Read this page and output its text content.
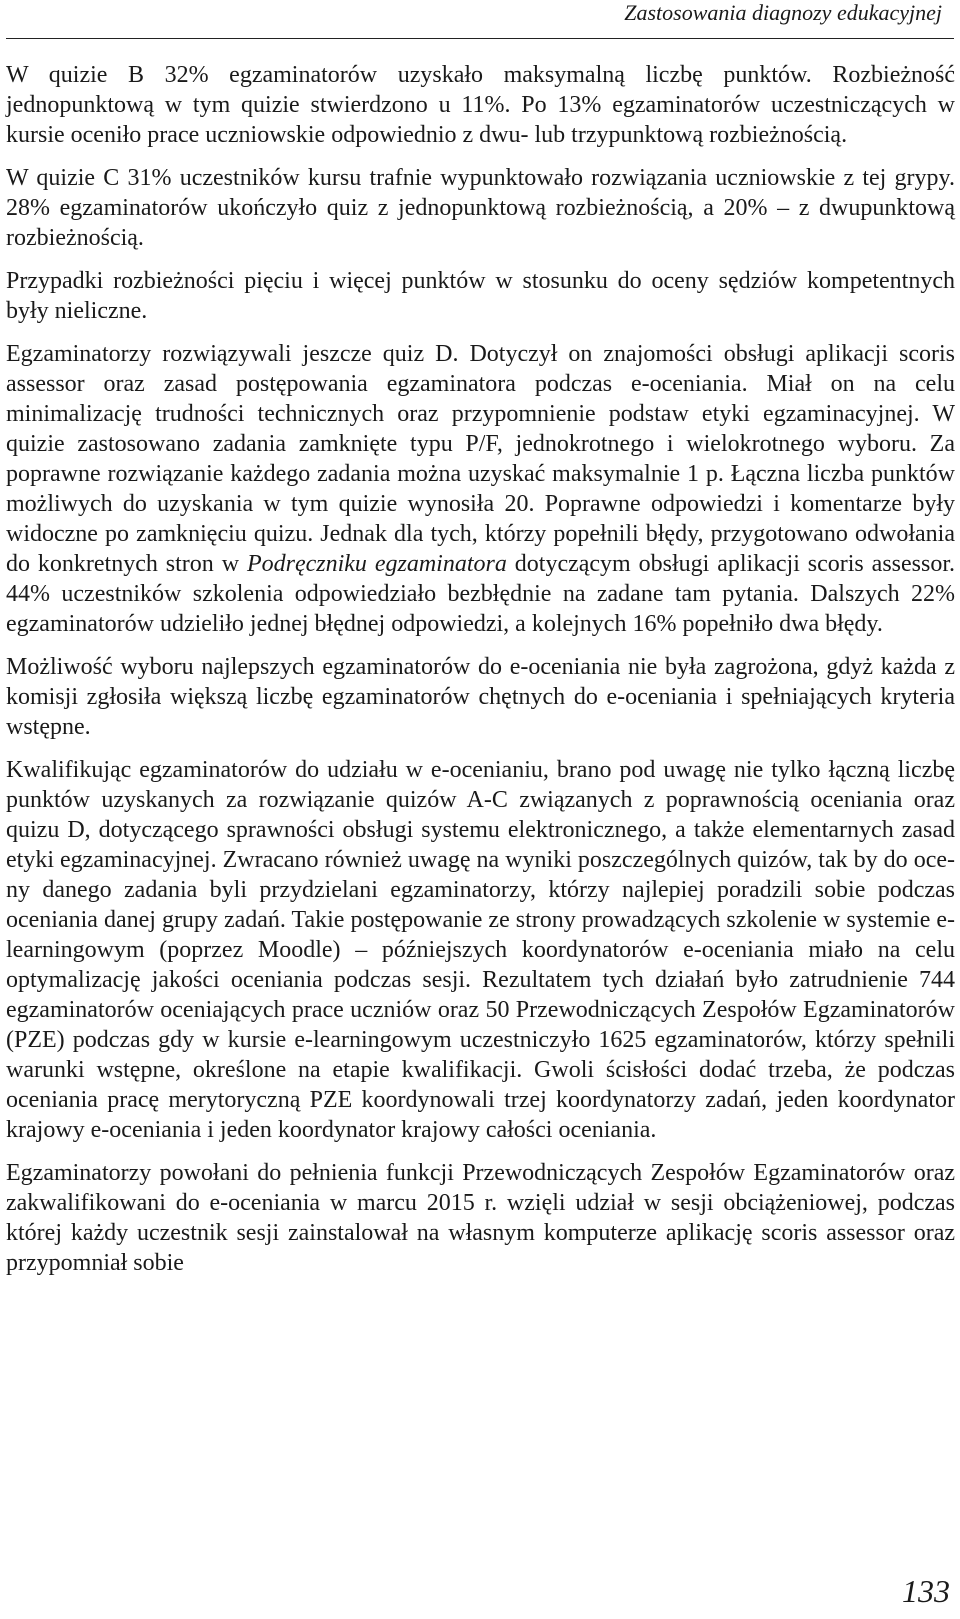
Zastosowania diagnozy edukacyjnej

W quizie B 32% egzaminatorów uzyskało maksymalną liczbę punktów. Rozbieżność jednopunktową w tym quizie stwierdzono u 11%. Po 13% egzaminatorów uczestniczących w kursie oceniło prace uczniowskie odpowiednio z dwu- lub trzypunktową rozbieżnością.

W quizie C 31% uczestników kursu trafnie wypunktowało rozwiązania uczniowskie z tej grypy. 28% egzaminatorów ukończyło quiz z jednopunktową rozbieżnością, a 20% – z dwupunktową rozbieżnością.

Przypadki rozbieżności pięciu i więcej punktów w stosunku do oceny sędziów kompetentnych były nieliczne.

Egzaminatorzy rozwiązywali jeszcze quiz D. Dotyczył on znajomości obsługi aplikacji scoris assessor oraz zasad postępowania egzaminatora podczas e-oceniania. Miał on na celu minimalizację trudności technicznych oraz przypomnienie podstaw etyki egzaminacyjnej. W quizie zastosowano zadania zamknięte typu P/F, jednokrotnego i wielokrotnego wyboru. Za poprawne rozwiązanie każdego zadania można uzyskać maksymalnie 1 p. Łączna liczba punktów możliwych do uzyskania w tym quizie wynosiła 20. Poprawne odpowiedzi i komentarze były widoczne po zamknięciu quizu. Jednak dla tych, którzy popełnili błędy, przygotowano odwołania do konkretnych stron w Podręczniku egzaminatora dotyczącym obsługi aplikacji scoris assessor. 44% uczestników szkolenia odpowiedziało bezbłędnie na zadane tam pytania. Dalszych 22% egzaminatorów udzieliło jednej błędnej odpowiedzi, a kolejnych 16% popełniło dwa błędy.

Możliwość wyboru najlepszych egzaminatorów do e-oceniania nie była zagrożona, gdyż każda z komisji zgłosiła większą liczbę egzaminatorów chętnych do e-oceniania i spełniających kryteria wstępne.

Kwalifikując egzaminatorów do udziału w e-ocenianiu, brano pod uwagę nie tylko łączną liczbę punktów uzyskanych za rozwiązanie quizów A-C związanych z poprawnością oceniania oraz quizu D, dotyczącego sprawności obsługi systemu elektronicznego, a także elementarnych zasad etyki egzaminacyjnej. Zwracano również uwagę na wyniki poszczególnych quizów, tak by do oceny danego zadania byli przydzielani egzaminatorzy, którzy najlepiej poradzili sobie podczas oceniania danej grupy zadań. Takie postępowanie ze strony prowadzących szkolenie w systemie e-learningowym (poprzez Moodle) – późniejszych koordynatorów e-oceniania miało na celu optymalizację jakości oceniania podczas sesji. Rezultatem tych działań było zatrudnienie 744 egzaminatorów oceniających prace uczniów oraz 50 Przewodniczących Zespołów Egzaminatorów (PZE) podczas gdy w kursie e-learningowym uczestniczyło 1625 egzaminatorów, którzy spełnili warunki wstępne, określone na etapie kwalifikacji. Gwoli ścisłości dodać trzeba, że podczas oceniania pracę merytoryczną PZE koordynowali trzej koordynatorzy zadań, jeden koordynator krajowy e-oceniania i jeden koordynator krajowy całości oceniania.

Egzaminatorzy powołani do pełnienia funkcji Przewodniczących Zespołów Egzaminatorów oraz zakwalifikowani do e-oceniania w marcu 2015 r. wzięli udział w sesji obciążeniowej, podczas której każdy uczestnik sesji zainstalował na własnym komputerze aplikację scoris assessor oraz przypomniał sobie

133
